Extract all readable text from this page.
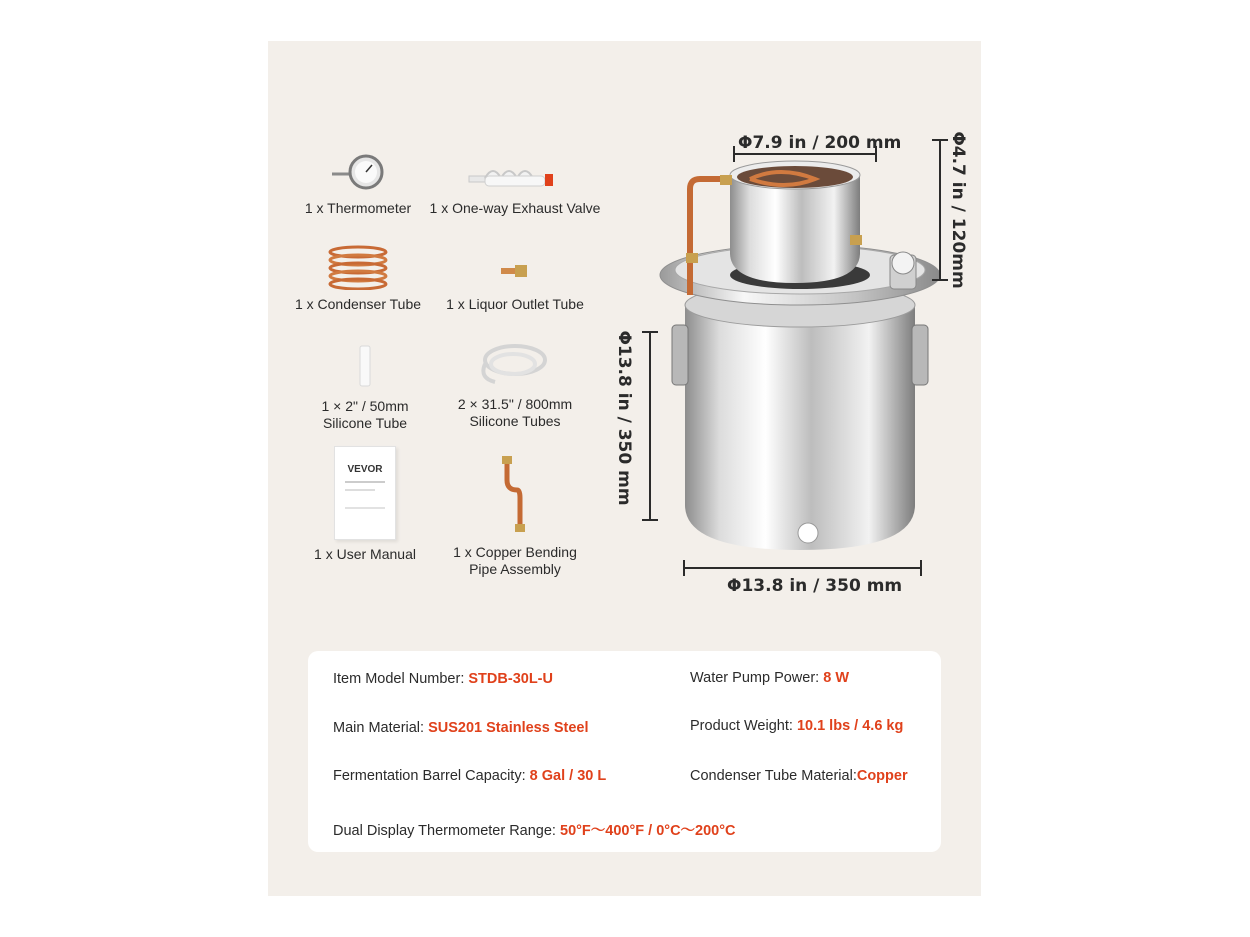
1 x Thermometer	1 x One-way Exhaust Valve
1 x Condenser Tube	1 x Liquor Outlet Tube
1 × 2" / 50mm
Silicone Tube
2 × 31.5" / 800mm
Silicone Tubes
VEVOR
1 x User Manual	1 x Copper Bending
Pipe Assembly
Φ7.9 in / 200 mm	Φ4.7 in / 120mm
Φ13.8 in / 350 mm
Φ13.8 in / 350 mm
Item Model Number: STDB-30L-U	Water Pump Power: 8 W
Main Material: SUS201 Stainless Steel	Product Weight: 10.1 lbs / 4.6 kg
Fermentation Barrel Capacity: 8 Gal / 30 L	Condenser Tube Material:Copper
Dual Display Thermometer Range: 50°F～400°F / 0°C～200°C
